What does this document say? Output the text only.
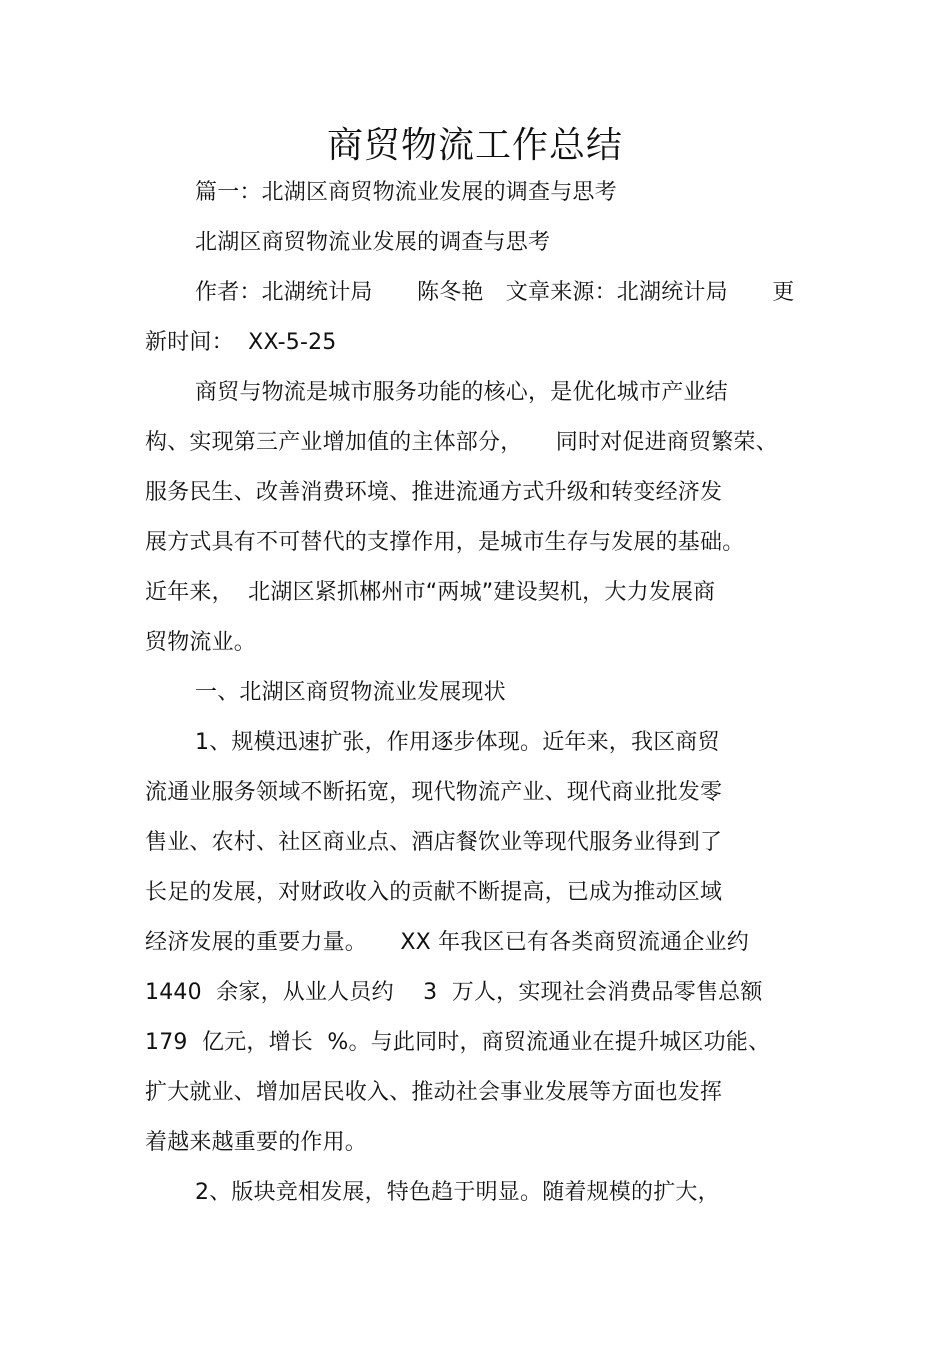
商贸物流工作总结
篇一：北湖区商贸物流业发展的调查与思考
北湖区商贸物流业发展的调查与思考
作者：北湖统计局　　陈冬艳　文章来源：北湖统计局　　更
新时间：  XX-5-25
商贸与物流是城市服务功能的核心，是优化城市产业结
构、实现第三产业增加值的主体部分，　　同时对促进商贸繁荣、
服务民生、改善消费环境、推进流通方式升级和转变经济发
展方式具有不可替代的支撑作用，是城市生存与发展的基础。
近年来，  北湖区紧抓郴州市“两城”建设契机，大力发展商
贸物流业。
一、北湖区商贸物流业发展现状
1、规模迅速扩张，作用逐步体现。近年来，我区商贸
流通业服务领域不断拓宽，现代物流产业、现代商业批发零
售业、农村、社区商业点、酒店餐饮业等现代服务业得到了
长足的发展，对财政收入的贡献不断提高，已成为推动区域
经济发展的重要力量。　　XX 年我区已有各类商贸流通企业约
1440  余家，从业人员约　 3  万人，实现社会消费品零售总额
179  亿元，增长  %。与此同时，商贸流通业在提升城区功能、
扩大就业、增加居民收入、推动社会事业发展等方面也发挥
着越来越重要的作用。
2、版块竞相发展，特色趋于明显。随着规模的扩大，
